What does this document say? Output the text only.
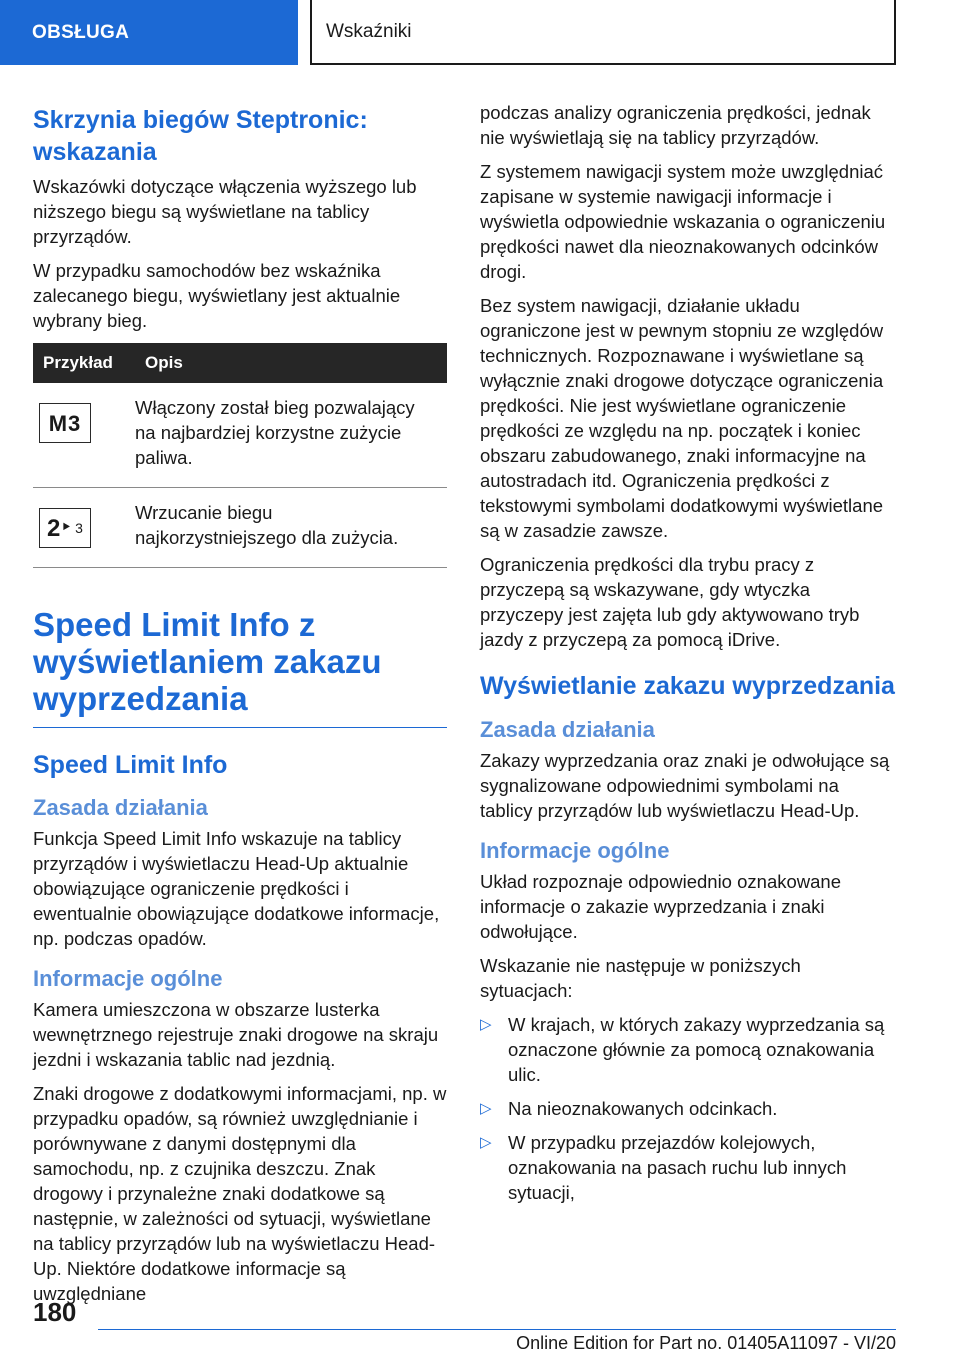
OBSŁUGA	Wskaźniki
Skrzynia biegów Steptronic: wskazania

Wskazówki dotyczące włączenia wyższego lub niższego biegu są wyświetlane na tablicy przyrządów.

W przypadku samochodów bez wskaźnika zalecanego biegu, wyświetlany jest aktualnie wybrany bieg.

Przykład	Opis

M3	Włączony został bieg pozwalający na najbardziej korzystne zużycie paliwa.

2 ‣ 3	Wrzucanie biegu najkorzystniejszego dla zużycia.
Speed Limit Info z wyświetlaniem zakazu wyprzedzania
Speed Limit Info
Zasada działania

Funkcja Speed Limit Info wskazuje na tablicy przyrządów i wyświetlaczu Head-Up aktualnie obowiązujące ograniczenie prędkości i ewentualnie obowiązujące dodatkowe informacje, np. podczas opadów.

Informacje ogólne

Kamera umieszczona w obszarze lusterka wewnętrznego rejestruje znaki drogowe na skraju jezdni i wskazania tablic nad jezdnią.

Znaki drogowe z dodatkowymi informacjami, np. w przypadku opadów, są również uwzględnianie i porównywane z danymi dostępnymi dla samochodu, np. z czujnika deszczu. Znak drogowy i przynależne znaki dodatkowe są następnie, w zależności od sytuacji, wyświetlane na tablicy przyrządów lub na wyświetlaczu Head-Up. Niektóre dodatkowe informacje są uwzględniane

podczas analizy ograniczenia prędkości, jednak nie wyświetlają się na tablicy przyrządów.

Z systemem nawigacji system może uwzględniać zapisane w systemie nawigacji informacje i wyświetla odpowiednie wskazania o ograniczeniu prędkości nawet dla nieoznakowanych odcinków drogi.

Bez system nawigacji, działanie układu ograniczone jest w pewnym stopniu ze względów technicznych. Rozpoznawane i wyświetlane są wyłącznie znaki drogowe dotyczące ograniczenia prędkości. Nie jest wyświetlane ograniczenie prędkości ze względu na np. początek i koniec obszaru zabudowanego, znaki informacyjne na autostradach itd. Ograniczenia prędkości z tekstowymi symbolami dodatkowymi wyświetlane są w zasadzie zawsze.

Ograniczenia prędkości dla trybu pracy z przyczepą są wskazywane, gdy wtyczka przyczepy jest zajęta lub gdy aktywowano tryb jazdy z przyczepą za pomocą iDrive.

Wyświetlanie zakazu wyprzedzania
Zasada działania

Zakazy wyprzedzania oraz znaki je odwołujące są sygnalizowane odpowiednimi symbolami na tablicy przyrządów lub wyświetlaczu Head-Up.

Informacje ogólne

Układ rozpoznaje odpowiednio oznakowane informacje o zakazie wyprzedzania i znaki odwołujące.

Wskazanie nie następuje w poniższych sytuacjach:

▷ W krajach, w których zakazy wyprzedzania są oznaczone głównie za pomocą oznakowania ulic.
▷ Na nieoznakowanych odcinkach.
▷ W przypadku przejazdów kolejowych, oznakowania na pasach ruchu lub innych sytuacji,
180
Online Edition for Part no. 01405A11097 - VI/20
